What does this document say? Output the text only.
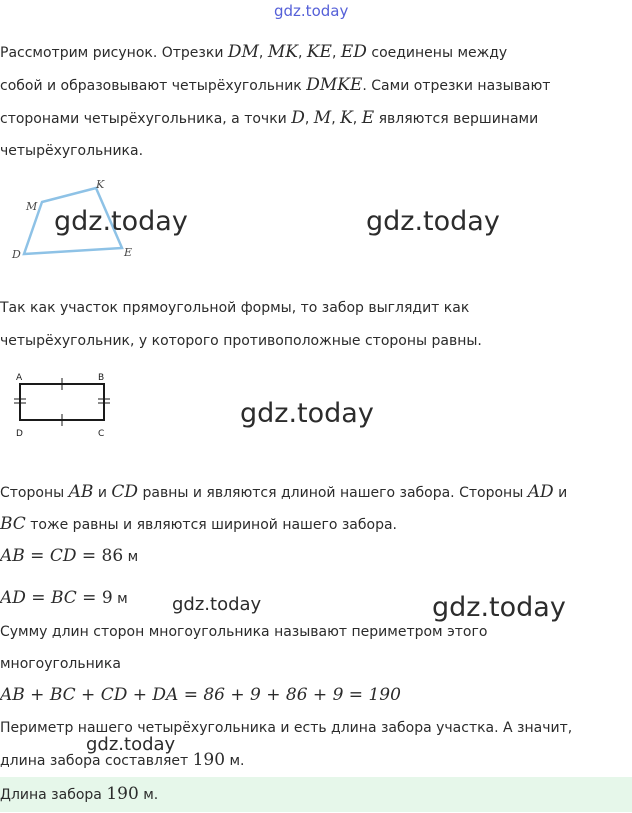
gdz.today
Рассмотрим рисунок. Отрезки DM, MK, KE, ED соединены между
собой и образовывают четырёхугольник DMKE. Сами отрезки называют
сторонами четырёхугольника, а точки D, M, K, E являются вершинами
четырёхугольника.
M
K
D	E
gdz.today	gdz.today
Так как участок прямоугольной формы, то забор выглядит как
четырёхугольник, у которого противоположные стороны равны.
A	B
D	C
gdz.today
Стороны AB и CD равны и являются длиной нашего забора. Стороны AD и
BC тоже равны и являются шириной нашего забора.
AB = CD = 86 м
AD = BC = 9 м	gdz.today	gdz.today
Сумму длин сторон многоугольника называют периметром этого
многоугольника
AB + BC + CD + DA = 86 + 9 + 86 + 9 = 190
Периметр нашего четырёхугольника и есть длина забора участка. А значит,
gdz.today
длина забора составляет 190 м.
Длина забора 190 м.
